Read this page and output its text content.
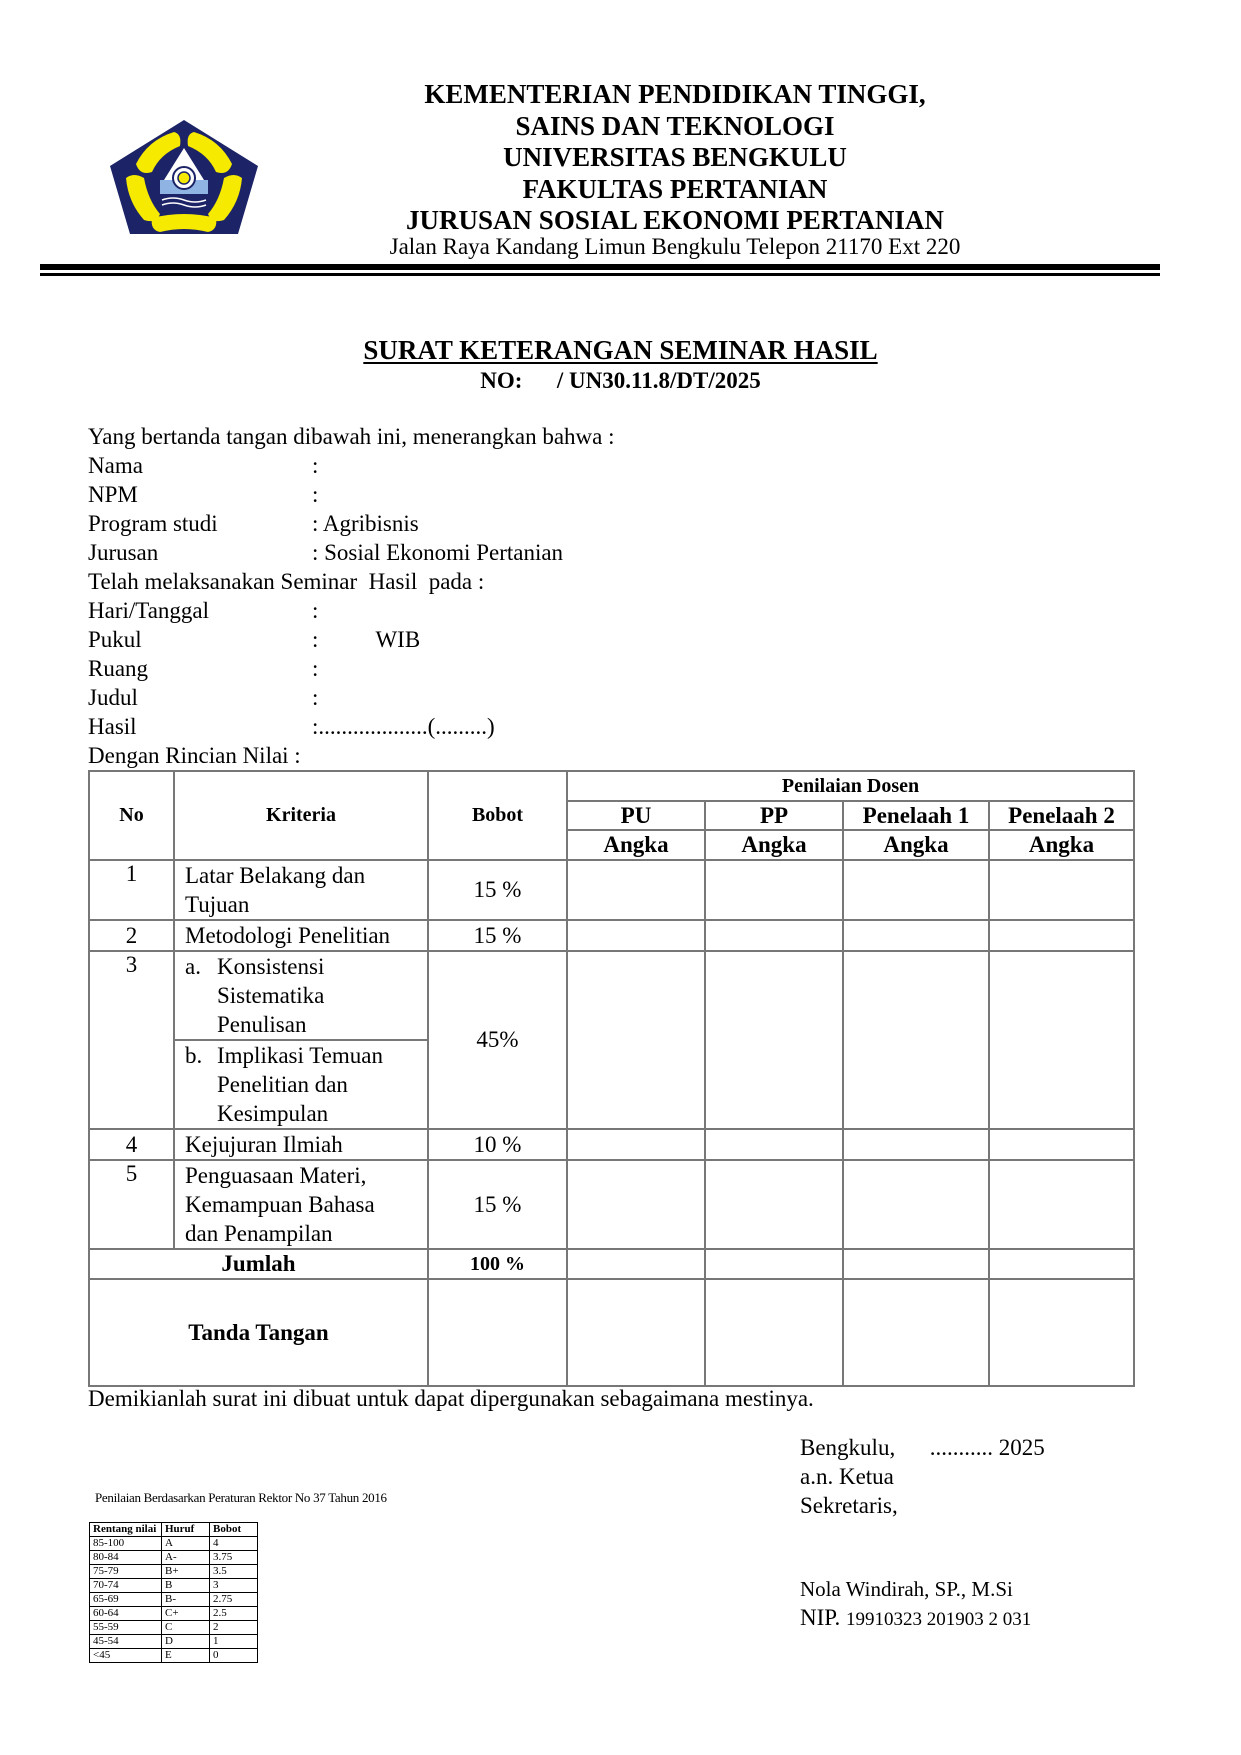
KEMENTERIAN PENDIDIKAN TINGGI,
SAINS DAN TEKNOLOGI
UNIVERSITAS BENGKULU
FAKULTAS PERTANIAN
JURUSAN SOSIAL EKONOMI PERTANIAN
Jalan Raya Kandang Limun Bengkulu Telepon 21170 Ext 220
SURAT KETERANGAN SEMINAR HASIL
NO:      / UN30.11.8/DT/2025
Yang bertanda tangan dibawah ini, menerangkan bahwa :
Nama	:
NPM	:
Program studi	: Agribisnis
Jurusan	: Sosial Ekonomi Pertanian
Telah melaksanakan Seminar  Hasil  pada :
Hari/Tanggal	:
Pukul	:          WIB
Ruang	:
Judul	:
Hasil	:...................(.........)
Dengan Rincian Nilai :
No	Kriteria	Bobot	Penilaian Dosen			
			PU	PP	Penelaah 1	Penelaah 2
			Angka	Angka	Angka	Angka
1	Latar Belakang dan Tujuan	15 %				
2	Metodologi Penelitian	15 %				
3	a. Konsistensi Sistematika Penulisan	45%				

	b. Implikasi Temuan Penelitian dan Kesimpulan					

4	Kejujuran Ilmiah	10 %				
5	Penguasaan Materi, Kemampuan Bahasa dan Penampilan	15 %				
Jumlah		100 %				
Tanda Tangan						
Demikianlah surat ini dibuat untuk dapat dipergunakan sebagaimana mestinya.
Bengkulu,      ........... 2025
a.n. Ketua
Sekretaris,
Nola Windirah, SP., M.Si
NIP. 19910323 201903 2 031
Penilaian Berdasarkan Peraturan Rektor No 37 Tahun 2016
Rentang nilai	Huruf	Bobot
85-100	A	4
80-84	A-	3.75
75-79	B+	3.5
70-74	B	3
65-69	B-	2.75
60-64	C+	2.5
55-59	C	2
45-54	D	1
<45	E	0
